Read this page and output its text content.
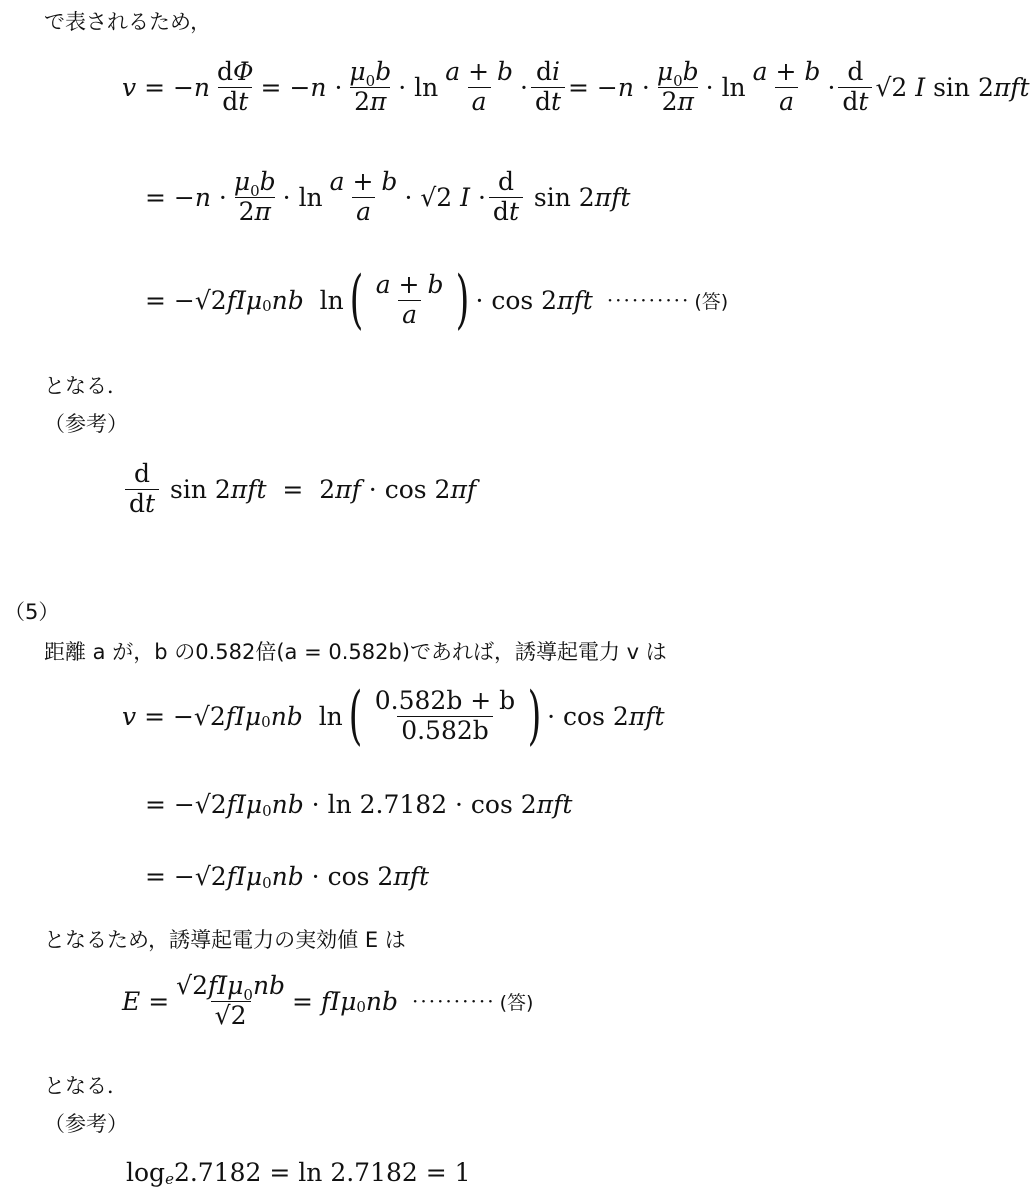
で表されるため，
v = − n $\frac{d\Phi}{dt}$ = − $n \cdot \frac{\mu_0b}{2\pi} \cdot \ln \frac{a + b}{a} \cdot \frac{di}{dt}$ = − $n \cdot \frac{\mu_0b}{2\pi} \cdot \ln \frac{a + b}{a} \cdot \frac{d}{dt} √2$ I sin 2πft
= − $n \cdot \frac{\mu_0b}{2\pi} \cdot \ln \frac{a + b}{a} \cdot √2$ $I \cdot \frac{d}{dt}$ sin 2 πft
= −√2 fIμ 0 nb ln ( $\frac{a + b}{a}$ ) · cos 2 πft ·········· (答)
となる．
（参考）
$\frac{d}{dt}$ sin 2 πft =  2 πf · cos 2 πf
（5）
距離 a が，b の0.582倍(a = 0.582b)であれば，誘導起電力 v は
v = −√2 fIμ 0 nb ln ( $\frac{0.582b + b}{0.582b}$ ) · cos 2 πft
= −√2 fIμ 0 nb · ln 2.7182 · cos 2 πft
= −√2 fIμ 0 nb · cos 2 πft
となるため，誘導起電力の実効値 E は
$E = \frac{√2fI\mu_0nb}{√2} = fI\mu$ 0 nb ·········· (答)
となる．
（参考）
log e 2.7182 = ln 2.7182 = 1
